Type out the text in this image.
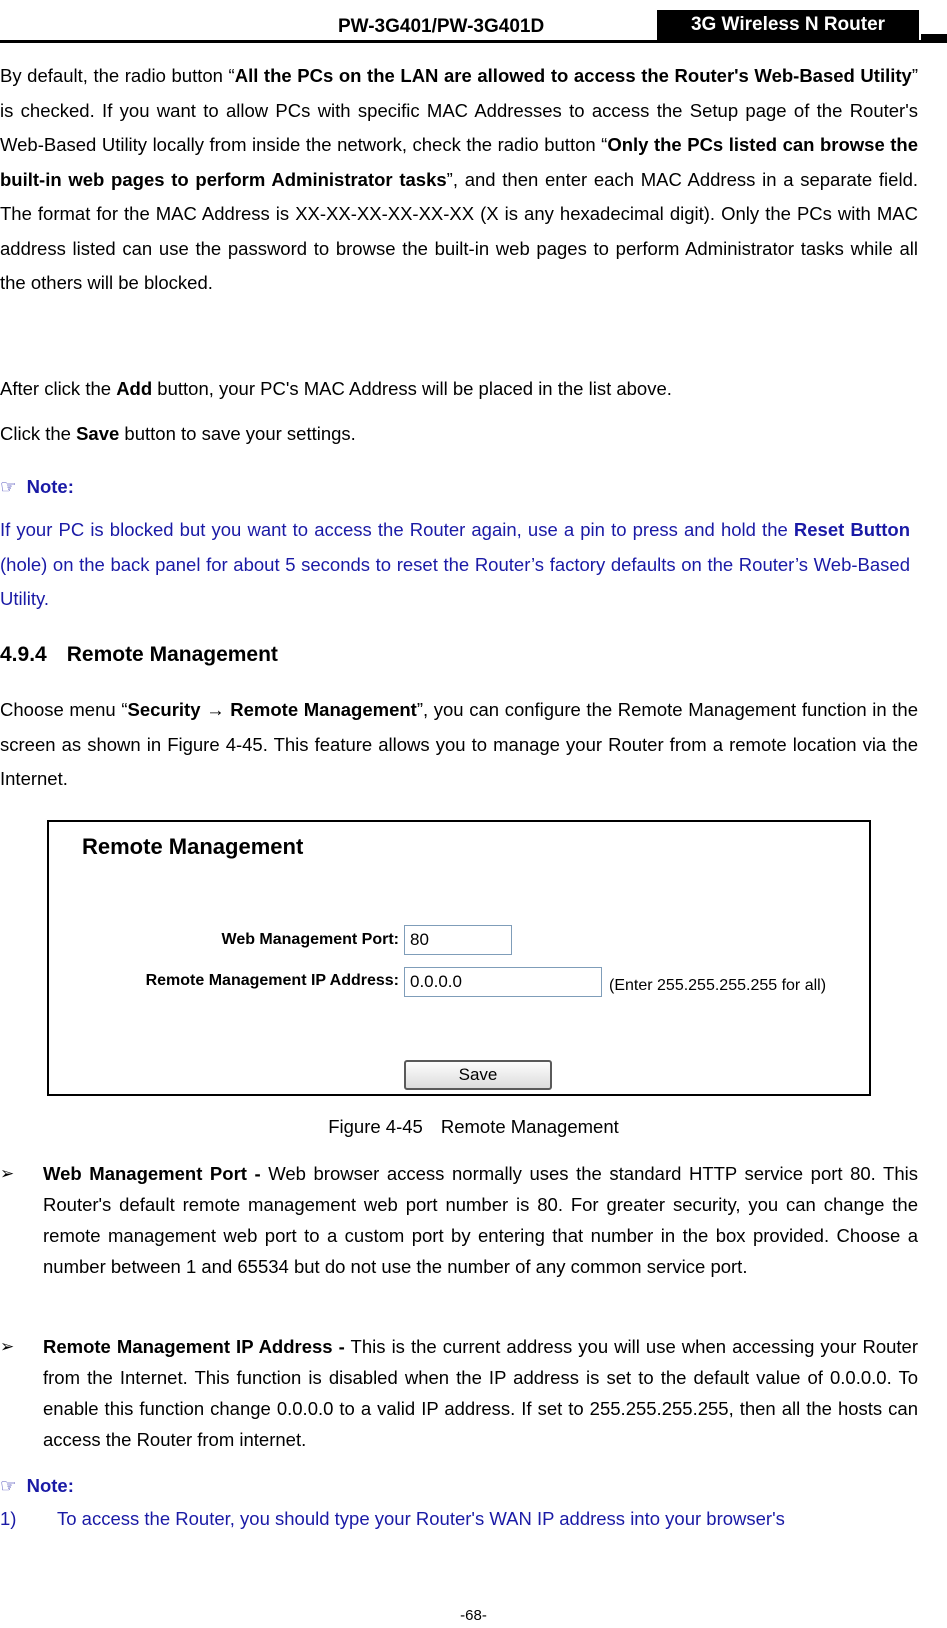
PW-3G401/PW-3G401D	3G Wireless N Router

By default, the radio button “All the PCs on the LAN are allowed to access the Router's Web-Based Utility” is checked. If you want to allow PCs with specific MAC Addresses to access the Setup page of the Router's Web-Based Utility locally from inside the network, check the radio button “Only the PCs listed can browse the built-in web pages to perform Administrator tasks”, and then enter each MAC Address in a separate field. The format for the MAC Address is XX-XX-XX-XX-XX-XX (X is any hexadecimal digit). Only the PCs with MAC address listed can use the password to browse the built-in web pages to perform Administrator tasks while all the others will be blocked.

After click the Add button, your PC's MAC Address will be placed in the list above.

Click the Save button to save your settings.

☞ Note:

If your PC is blocked but you want to access the Router again, use a pin to press and hold the Reset Button (hole) on the back panel for about 5 seconds to reset the Router’s factory defaults on the Router’s Web-Based Utility.

4.9.4 Remote Management

Choose menu “Security → Remote Management”, you can configure the Remote Management function in the screen as shown in Figure 4-45. This feature allows you to manage your Router from a remote location via the Internet.

Remote Management
Web Management Port:
80
Remote Management IP Address:
0.0.0.0	(Enter 255.255.255.255 for all)
Save
Figure 4-45 Remote Management
➢ Web Management Port - Web browser access normally uses the standard HTTP service port 80. This Router's default remote management web port number is 80. For greater security, you can change the remote management web port to a custom port by entering that number in the box provided. Choose a number between 1 and 65534 but do not use the number of any common service port.
➢ Remote Management IP Address - This is the current address you will use when accessing your Router from the Internet. This function is disabled when the IP address is set to the default value of 0.0.0.0. To enable this function change 0.0.0.0 to a valid IP address. If set to 255.255.255.255, then all the hosts can access the Router from internet.
☞ Note:
1) To access the Router, you should type your Router's WAN IP address into your browser's
-68-
